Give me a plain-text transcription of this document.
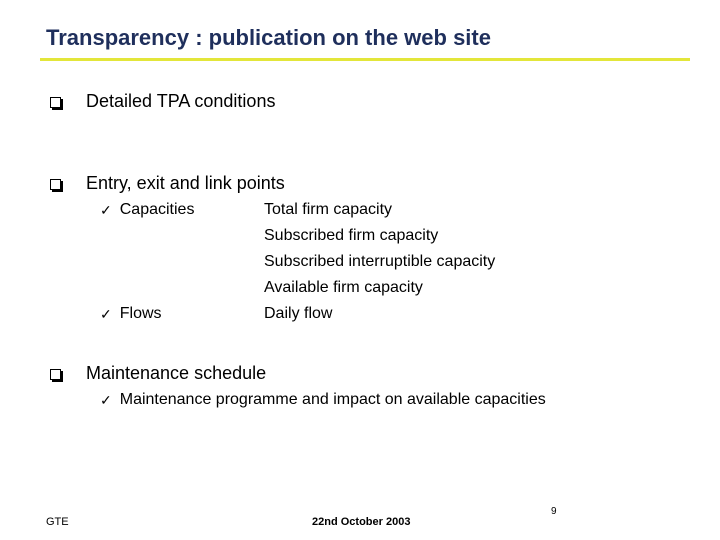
Transparency : publication on the web site
Detailed TPA conditions
Entry, exit and link points
✓ Capacities
✓ Flows
Total firm capacity
Subscribed firm capacity
Subscribed interruptible capacity
Available firm capacity
Daily flow
Maintenance schedule
✓ Maintenance programme and impact on available capacities
GTE	22nd October 2003
9
